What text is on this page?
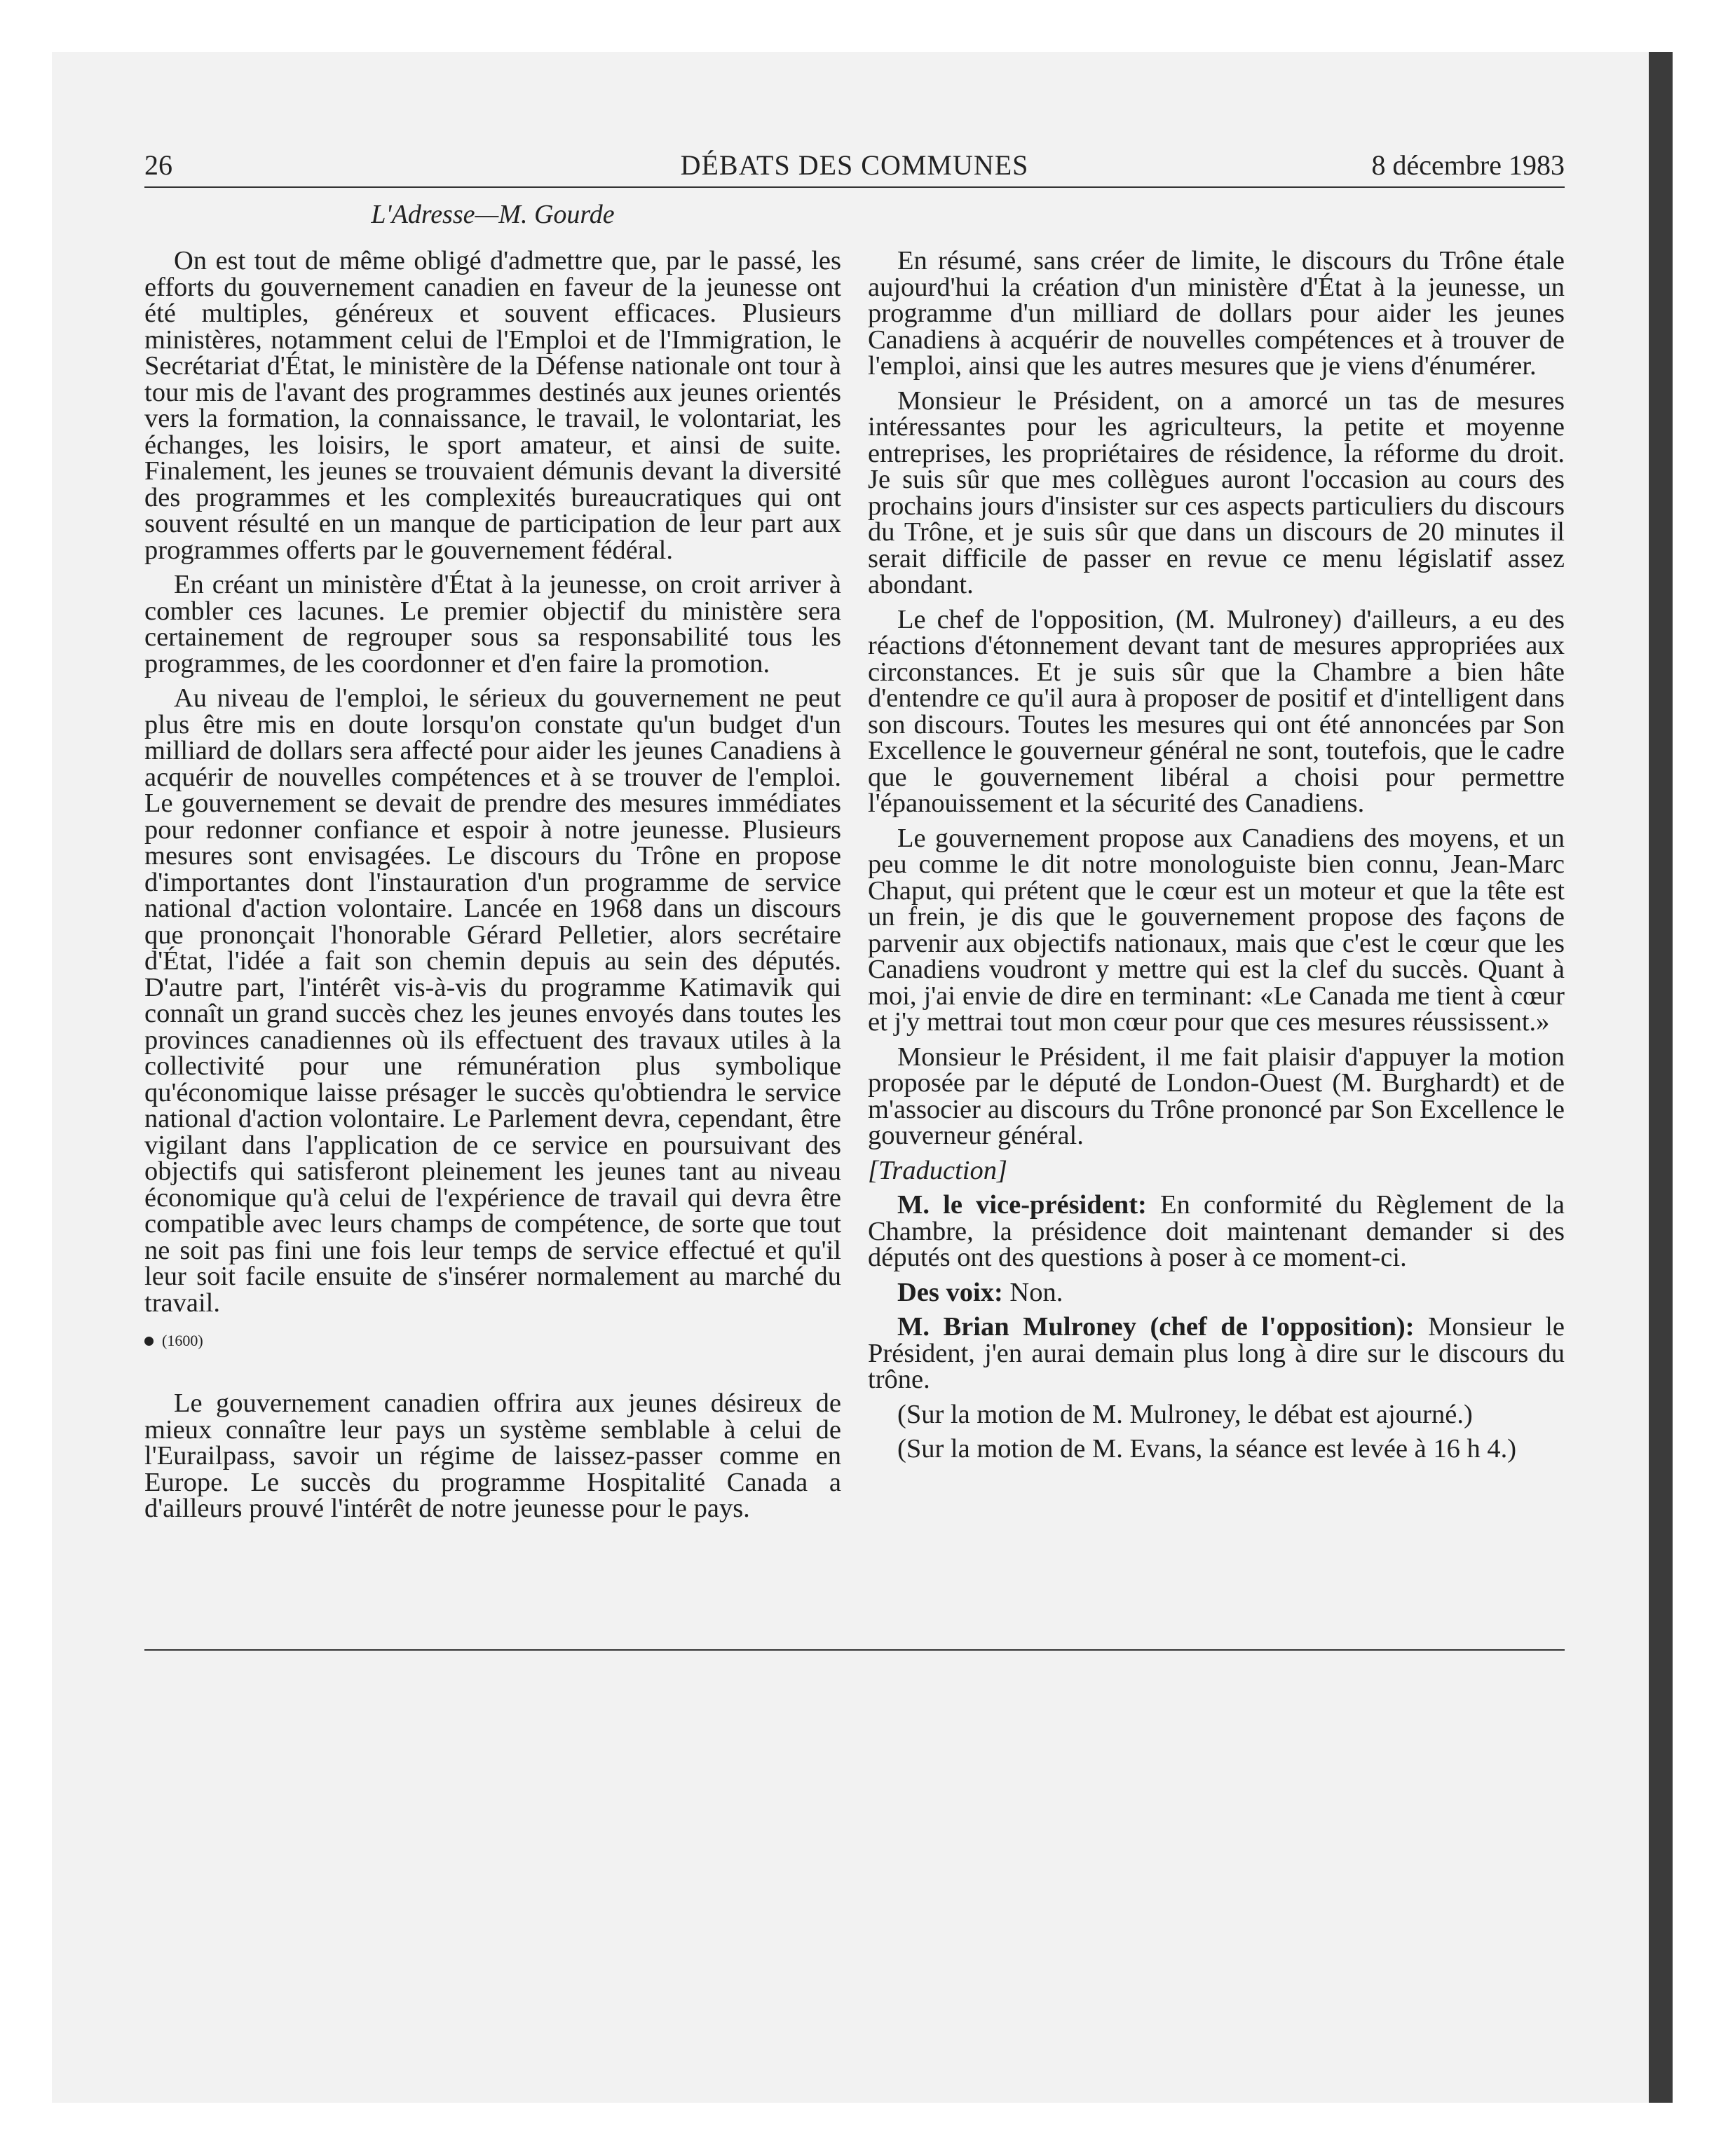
26	DÉBATS DES COMMUNES	8 décembre 1983
L'Adresse—M. Gourde

On est tout de même obligé d'admettre que, par le passé, les efforts du gouvernement canadien en faveur de la jeunesse ont été multiples, généreux et souvent efficaces. Plusieurs ministères, notamment celui de l'Emploi et de l'Immigration, le Secrétariat d'État, le ministère de la Défense nationale ont tour à tour mis de l'avant des programmes destinés aux jeunes orientés vers la formation, la connaissance, le travail, le volontariat, les échanges, les loisirs, le sport amateur, et ainsi de suite. Finalement, les jeunes se trouvaient démunis devant la diversité des programmes et les complexités bureaucratiques qui ont souvent résulté en un manque de participation de leur part aux programmes offerts par le gouvernement fédéral.

En créant un ministère d'État à la jeunesse, on croit arriver à combler ces lacunes. Le premier objectif du ministère sera certainement de regrouper sous sa responsabilité tous les programmes, de les coordonner et d'en faire la promotion.

Au niveau de l'emploi, le sérieux du gouvernement ne peut plus être mis en doute lorsqu'on constate qu'un budget d'un milliard de dollars sera affecté pour aider les jeunes Canadiens à acquérir de nouvelles compétences et à se trouver de l'emploi. Le gouvernement se devait de prendre des mesures immédiates pour redonner confiance et espoir à notre jeunesse. Plusieurs mesures sont envisagées. Le discours du Trône en propose d'importantes dont l'instauration d'un programme de service national d'action volontaire. Lancée en 1968 dans un discours que prononçait l'honorable Gérard Pelletier, alors secrétaire d'État, l'idée a fait son chemin depuis au sein des députés. D'autre part, l'intérêt vis-à-vis du programme Katimavik qui connaît un grand succès chez les jeunes envoyés dans toutes les provinces canadiennes où ils effectuent des travaux utiles à la collectivité pour une rémunération plus symbolique qu'économique laisse présager le succès qu'obtiendra le service national d'action volontaire. Le Parlement devra, cependant, être vigilant dans l'application de ce service en poursuivant des objectifs qui satisferont pleinement les jeunes tant au niveau économique qu'à celui de l'expérience de travail qui devra être compatible avec leurs champs de compétence, de sorte que tout ne soit pas fini une fois leur temps de service effectué et qu'il leur soit facile ensuite de s'insérer normalement au marché du travail.

(1600)

Le gouvernement canadien offrira aux jeunes désireux de mieux connaître leur pays un système semblable à celui de l'Eurailpass, savoir un régime de laissez-passer comme en Europe. Le succès du programme Hospitalité Canada a d'ailleurs prouvé l'intérêt de notre jeunesse pour le pays.

En résumé, sans créer de limite, le discours du Trône étale aujourd'hui la création d'un ministère d'État à la jeunesse, un programme d'un milliard de dollars pour aider les jeunes Canadiens à acquérir de nouvelles compétences et à trouver de l'emploi, ainsi que les autres mesures que je viens d'énumérer.

Monsieur le Président, on a amorcé un tas de mesures intéressantes pour les agriculteurs, la petite et moyenne entreprises, les propriétaires de résidence, la réforme du droit. Je suis sûr que mes collègues auront l'occasion au cours des prochains jours d'insister sur ces aspects particuliers du discours du Trône, et je suis sûr que dans un discours de 20 minutes il serait difficile de passer en revue ce menu législatif assez abondant.

Le chef de l'opposition, (M. Mulroney) d'ailleurs, a eu des réactions d'étonnement devant tant de mesures appropriées aux circonstances. Et je suis sûr que la Chambre a bien hâte d'entendre ce qu'il aura à proposer de positif et d'intelligent dans son discours. Toutes les mesures qui ont été annoncées par Son Excellence le gouverneur général ne sont, toutefois, que le cadre que le gouvernement libéral a choisi pour permettre l'épanouissement et la sécurité des Canadiens.

Le gouvernement propose aux Canadiens des moyens, et un peu comme le dit notre monologuiste bien connu, Jean-Marc Chaput, qui prétent que le cœur est un moteur et que la tête est un frein, je dis que le gouvernement propose des façons de parvenir aux objectifs nationaux, mais que c'est le cœur que les Canadiens voudront y mettre qui est la clef du succès. Quant à moi, j'ai envie de dire en terminant: «Le Canada me tient à cœur et j'y mettrai tout mon cœur pour que ces mesures réussissent.»

Monsieur le Président, il me fait plaisir d'appuyer la motion proposée par le député de London-Ouest (M. Burghardt) et de m'associer au discours du Trône prononcé par Son Excellence le gouverneur général.

[Traduction]

M. le vice-président: En conformité du Règlement de la Chambre, la présidence doit maintenant demander si des députés ont des questions à poser à ce moment-ci.

Des voix: Non.

M. Brian Mulroney (chef de l'opposition): Monsieur le Président, j'en aurai demain plus long à dire sur le discours du trône.

(Sur la motion de M. Mulroney, le débat est ajourné.)

(Sur la motion de M. Evans, la séance est levée à 16 h 4.)
